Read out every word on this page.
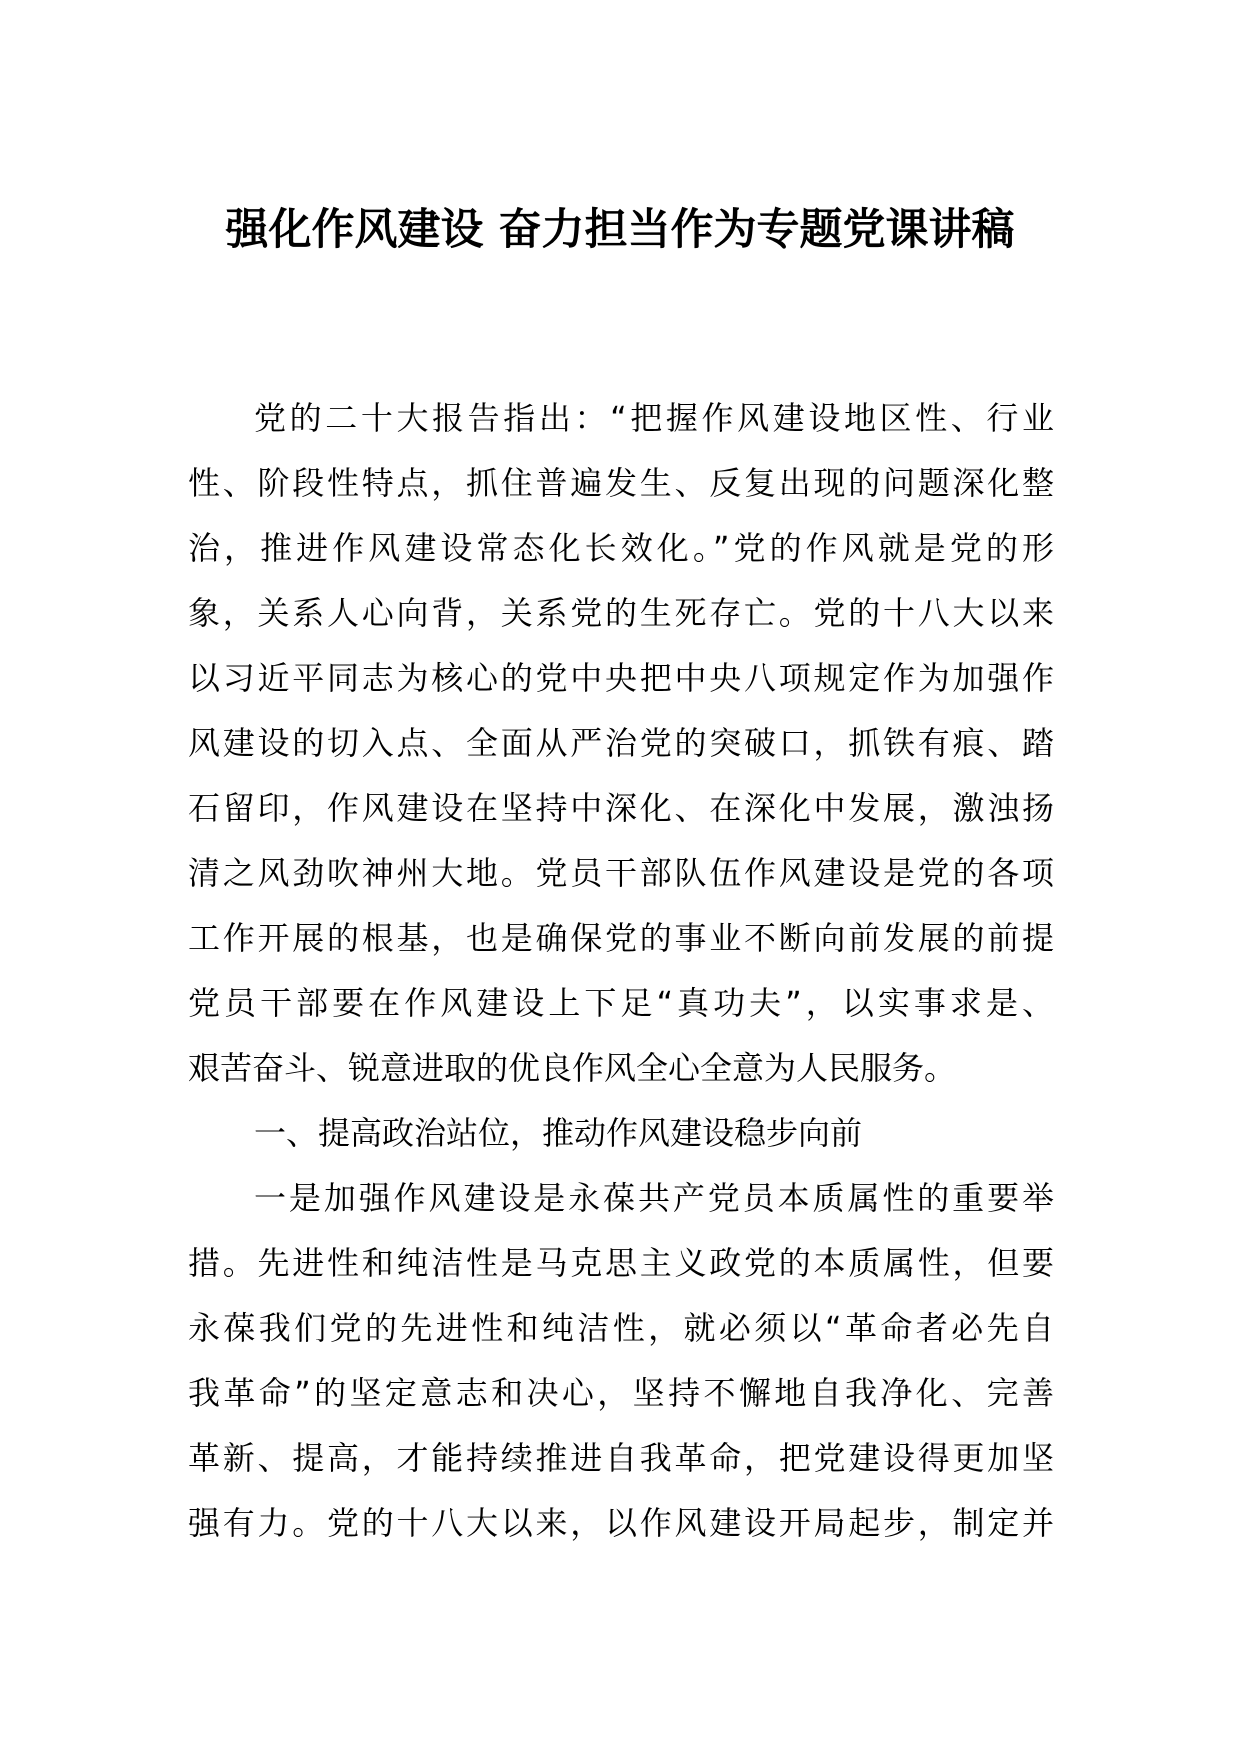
强化作风建设 奋力担当作为专题党课讲稿
党的二十大报告指出：“把握作风建设地区性、行业
性、阶段性特点，抓住普遍发生、反复出现的问题深化整
治，推进作风建设常态化长效化。”党的作风就是党的形
象，关系人心向背，关系党的生死存亡。党的十八大以来
以习近平同志为核心的党中央把中央八项规定作为加强作
风建设的切入点、全面从严治党的突破口，抓铁有痕、踏
石留印，作风建设在坚持中深化、在深化中发展，激浊扬
清之风劲吹神州大地。党员干部队伍作风建设是党的各项
工作开展的根基，也是确保党的事业不断向前发展的前提
党员干部要在作风建设上下足“真功夫”，以实事求是、
艰苦奋斗、锐意进取的优良作风全心全意为人民服务。
一、提高政治站位，推动作风建设稳步向前
一是加强作风建设是永葆共产党员本质属性的重要举
措。先进性和纯洁性是马克思主义政党的本质属性，但要
永葆我们党的先进性和纯洁性，就必须以“革命者必先自
我革命”的坚定意志和决心，坚持不懈地自我净化、完善
革新、提高，才能持续推进自我革命，把党建设得更加坚
强有力。党的十八大以来，以作风建设开局起步，制定并
